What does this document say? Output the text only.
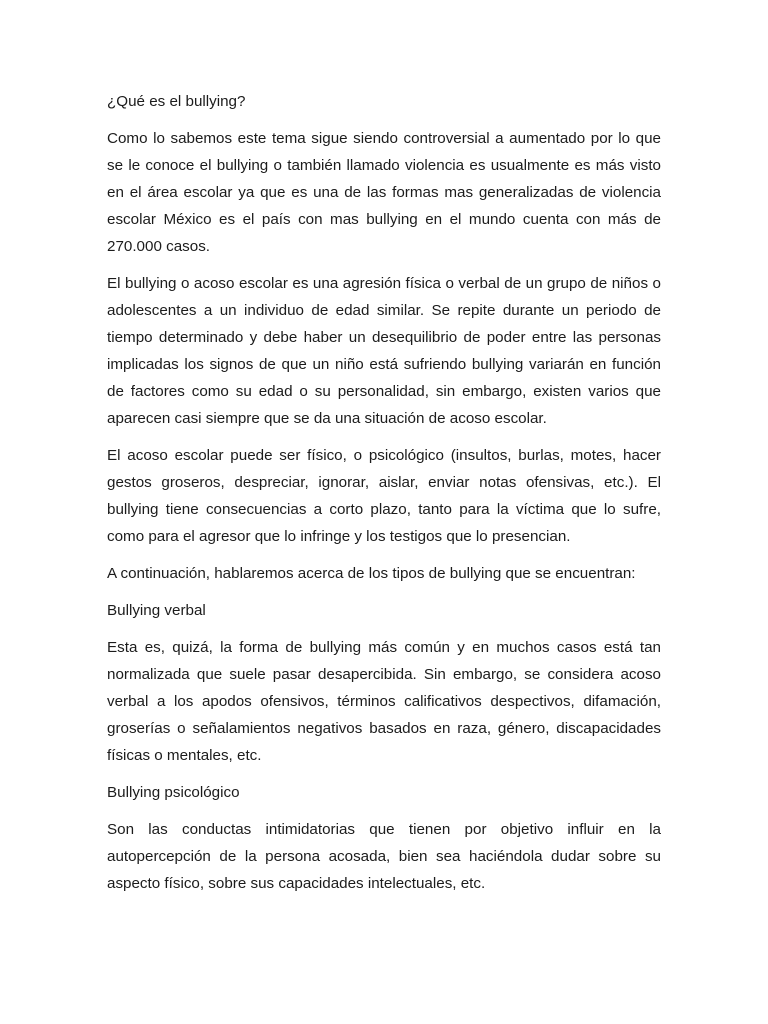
¿Qué es el bullying?
Como lo sabemos este tema sigue siendo controversial a aumentado por lo que se le conoce el bullying o también llamado violencia es usualmente es más visto en el área escolar ya que es una de las formas mas generalizadas de violencia escolar México es el país con mas bullying en el mundo cuenta con más de 270.000 casos.
El bullying o acoso escolar es una agresión física o verbal de un grupo de niños o adolescentes a un individuo de edad similar. Se repite durante un periodo de tiempo determinado y debe haber un desequilibrio de poder entre las personas implicadas los signos de que un niño está sufriendo bullying variarán en función de factores como su edad o su personalidad, sin embargo, existen varios que aparecen casi siempre que se da una situación de acoso escolar.
El acoso escolar puede ser físico, o psicológico (insultos, burlas, motes, hacer gestos groseros, despreciar, ignorar, aislar, enviar notas ofensivas, etc.). El bullying tiene consecuencias a corto plazo, tanto para la víctima que lo sufre, como para el agresor que lo infringe y los testigos que lo presencian.
A continuación, hablaremos acerca de los tipos de bullying que se encuentran:
Bullying verbal
Esta es, quizá, la forma de bullying más común y en muchos casos está tan normalizada que suele pasar desapercibida. Sin embargo, se considera acoso verbal a los apodos ofensivos, términos calificativos despectivos, difamación, groserías o señalamientos negativos basados en raza, género, discapacidades físicas o mentales, etc.
Bullying psicológico
Son las conductas intimidatorias que tienen por objetivo influir en la autopercepción de la persona acosada, bien sea haciéndola dudar sobre su aspecto físico, sobre sus capacidades intelectuales, etc.
